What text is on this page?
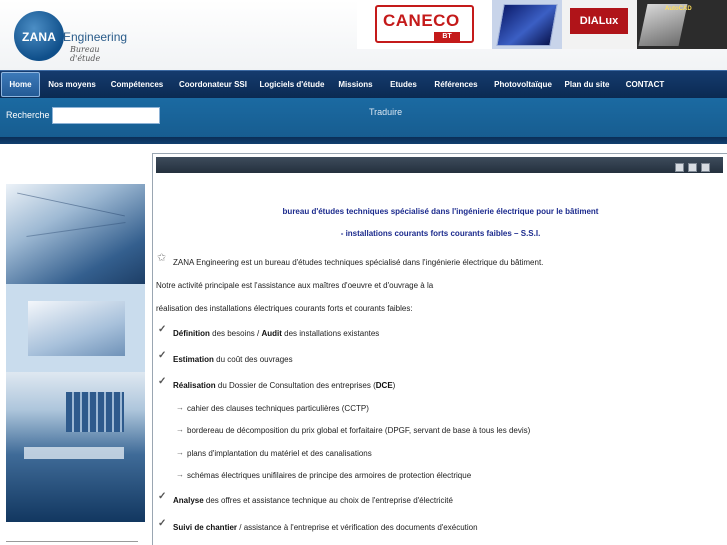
ZANA Engineering
Bureau d'étude
CANECO
BT
DIALux
AutoCAD
Home	Nos moyens	Compétences	Coordonateur SSI	Logiciels d'étude	Missions	Etudes	Références	Photovoltaïque	Plan du site	CONTACT
Recherche	Traduire
bureau d'études techniques spécialisé dans l'ingénierie électrique pour le bâtiment
- installations courants forts courants faibles – S.S.I.
✩ ZANA Engineering est un bureau d'études techniques spécialisé dans l'ingénierie électrique du bâtiment.
Notre activité principale est l'assistance aux maîtres d'oeuvre et d'ouvrage à la
réalisation des installations électriques courants forts et courants faibles:
✓ Définition des besoins / Audit des installations existantes
✓ Estimation du coût des ouvrages
✓ Réalisation du Dossier de Consultation des entreprises (DCE)
→ cahier des clauses techniques particulières (CCTP)
→ bordereau de décomposition du prix global et forfaitaire (DPGF, servant de base à tous les devis)
→ plans d'implantation du matériel et des canalisations
→ schémas électriques unifilaires de principe des armoires de protection électrique
✓ Analyse des offres et assistance technique au choix de l'entreprise d'électricité
✓ Suivi de chantier / assistance à l'entreprise et vérification des documents d'exécution
